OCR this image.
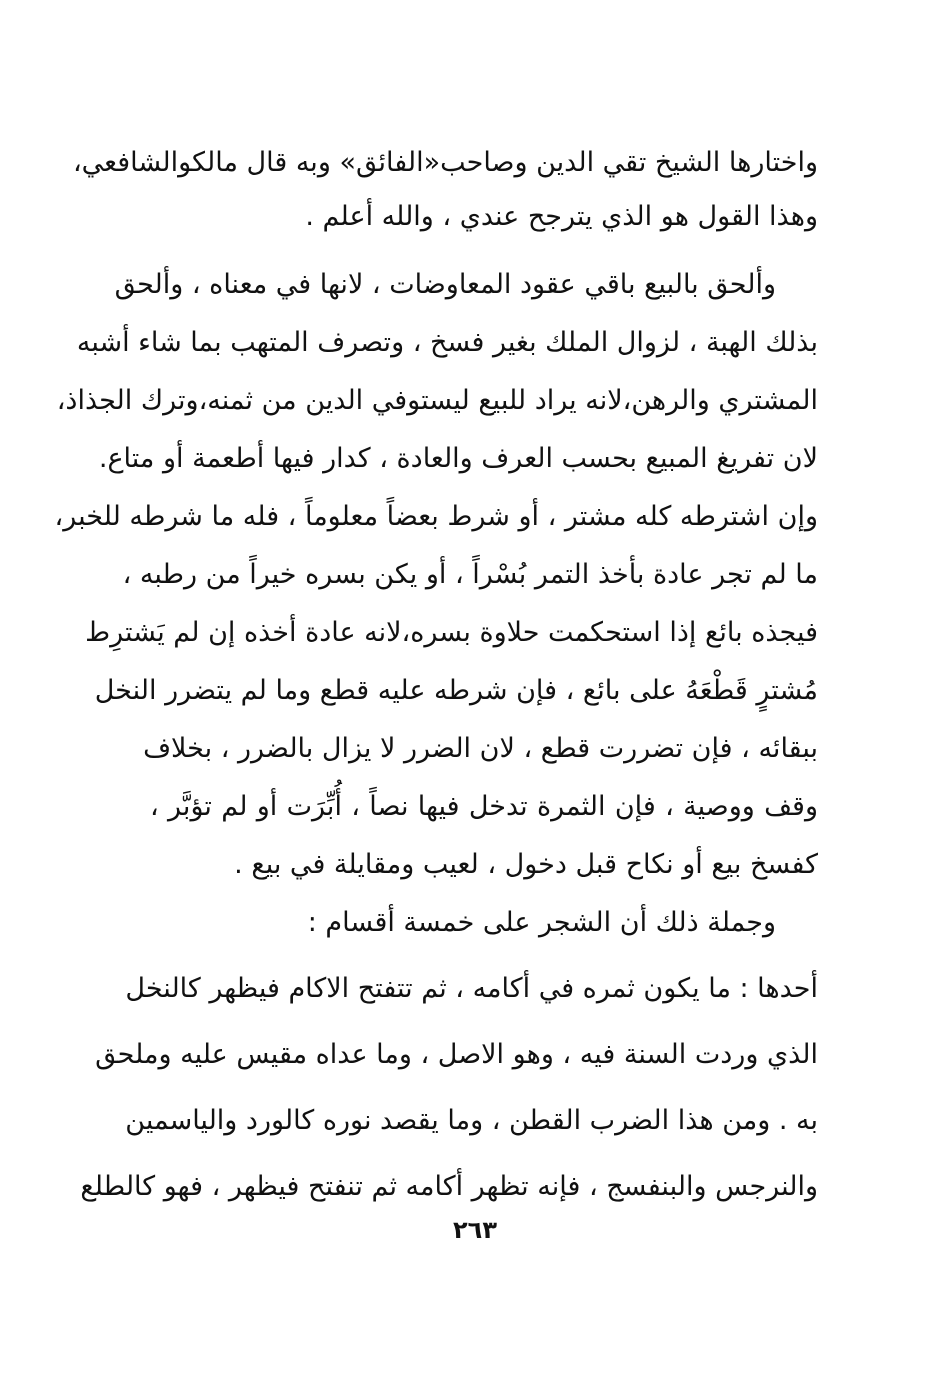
واختارها الشيخ تقي الدين وصاحب«الفائق» وبه قال مالكوالشافعي،
وهذا القول هو الذي يترجح عندي ، والله أعلم .
وألحق بالبيع باقي عقود المعاوضات ، لانها في معناه ، وألحق
بذلك الهبة ، لزوال الملك بغير فسخ ، وتصرف المتهب بما شاء أشبه
المشتري والرهن،لانه يراد للبيع ليستوفي الدين من ثمنه،وترك الجذاذ،
لان تفريغ المبيع بحسب العرف والعادة ، كدار فيها أطعمة أو متاع.
وإن اشترطه كله مشتر ، أو شرط بعضاً معلوماً ، فله ما شرطه للخبر،
ما لم تجر عادة بأخذ التمر بُسْراً ، أو يكن بسره خيراً من رطبه ،
فيجذه بائع إذا استحكمت حلاوة بسره،لانه عادة أخذه إن لم يَشترِط
مُشترٍ قَطْعَهُ على بائع ، فإن شرطه عليه قطع وما لم يتضرر النخل
ببقائه ، فإن تضررت قطع ، لان الضرر لا يزال بالضرر ، بخلاف
وقف ووصية ، فإن الثمرة تدخل فيها نصاً ، أُبِّرَت أو لم تؤبَّر ،
كفسخ بيع أو نكاح قبل دخول ، لعيب ومقايلة في بيع .
وجملة ذلك أن الشجر على خمسة أقسام :
أحدها : ما يكون ثمره في أكامه ، ثم تتفتح الاكام فيظهر كالنخل
الذي وردت السنة فيه ، وهو الاصل ، وما عداه مقيس عليه وملحق
به . ومن هذا الضرب القطن ، وما يقصد نوره كالورد والياسمين
والنرجس والبنفسج ، فإنه تظهر أكامه ثم تنفتح فيظهر ، فهو كالطلع
٢٦٣
